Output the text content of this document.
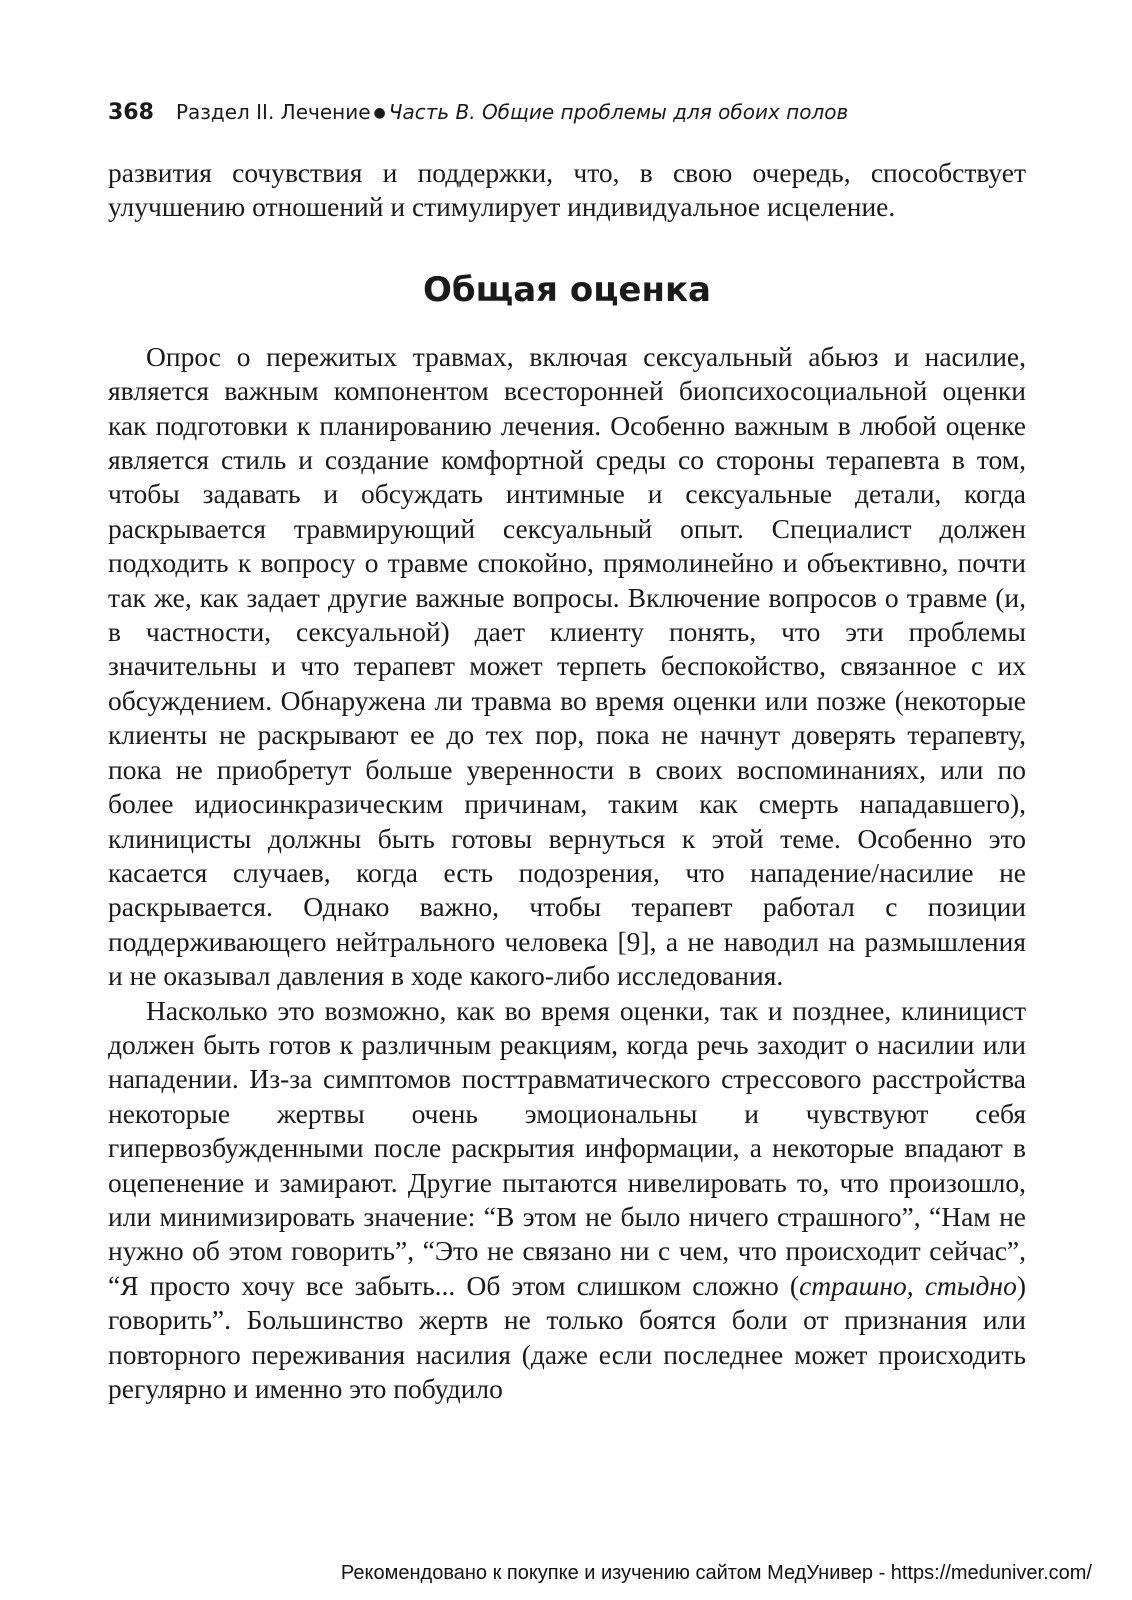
368 Раздел II. Лечение ● Часть B. Общие проблемы для обоих полов

развития сочувствия и поддержки, что, в свою очередь, способствует улучшению отношений и стимулирует индивидуальное исцеление.

Общая оценка

Опрос о пережитых травмах, включая сексуальный абьюз и насилие, является важным компонентом всесторонней биопсихосоциальной оценки как подготовки к планированию лечения. Особенно важным в любой оценке является стиль и создание комфортной среды со стороны терапевта в том, чтобы задавать и обсуждать интимные и сексуальные детали, когда раскрывается травмирующий сексуальный опыт. Специалист должен подходить к вопросу о травме спокойно, прямолинейно и объективно, почти так же, как задает другие важные вопросы. Включение вопросов о травме (и, в частности, сексуальной) дает клиенту понять, что эти проблемы значительны и что терапевт может терпеть беспокойство, связанное с их обсуждением. Обнаружена ли травма во время оценки или позже (некоторые клиенты не раскрывают ее до тех пор, пока не начнут доверять терапевту, пока не приобретут больше уверенности в своих воспоминаниях, или по более идиосинкразическим причинам, таким как смерть нападавшего), клиницисты должны быть готовы вернуться к этой теме. Особенно это касается случаев, когда есть подозрения, что нападение/насилие не раскрывается. Однако важно, чтобы терапевт работал с позиции поддерживающего нейтрального человека [9], а не наводил на размышления и не оказывал давления в ходе какого-либо исследования.

Насколько это возможно, как во время оценки, так и позднее, клиницист должен быть готов к различным реакциям, когда речь заходит о насилии или нападении. Из-за симптомов посттравматического стрессового расстройства некоторые жертвы очень эмоциональны и чувствуют себя гипервозбужденными после раскрытия информации, а некоторые впадают в оцепенение и замирают. Другие пытаются нивелировать то, что произошло, или минимизировать значение: “В этом не было ничего страшного”, “Нам не нужно об этом говорить”, “Это не связано ни с чем, что происходит сейчас”, “Я просто хочу все забыть... Об этом слишком сложно (страшно, стыдно) говорить”. Большинство жертв не только боятся боли от признания или повторного переживания насилия (даже если последнее может происходить регулярно и именно это побудило

Рекомендовано к покупке и изучению сайтом МедУнивер - https://meduniver.com/
